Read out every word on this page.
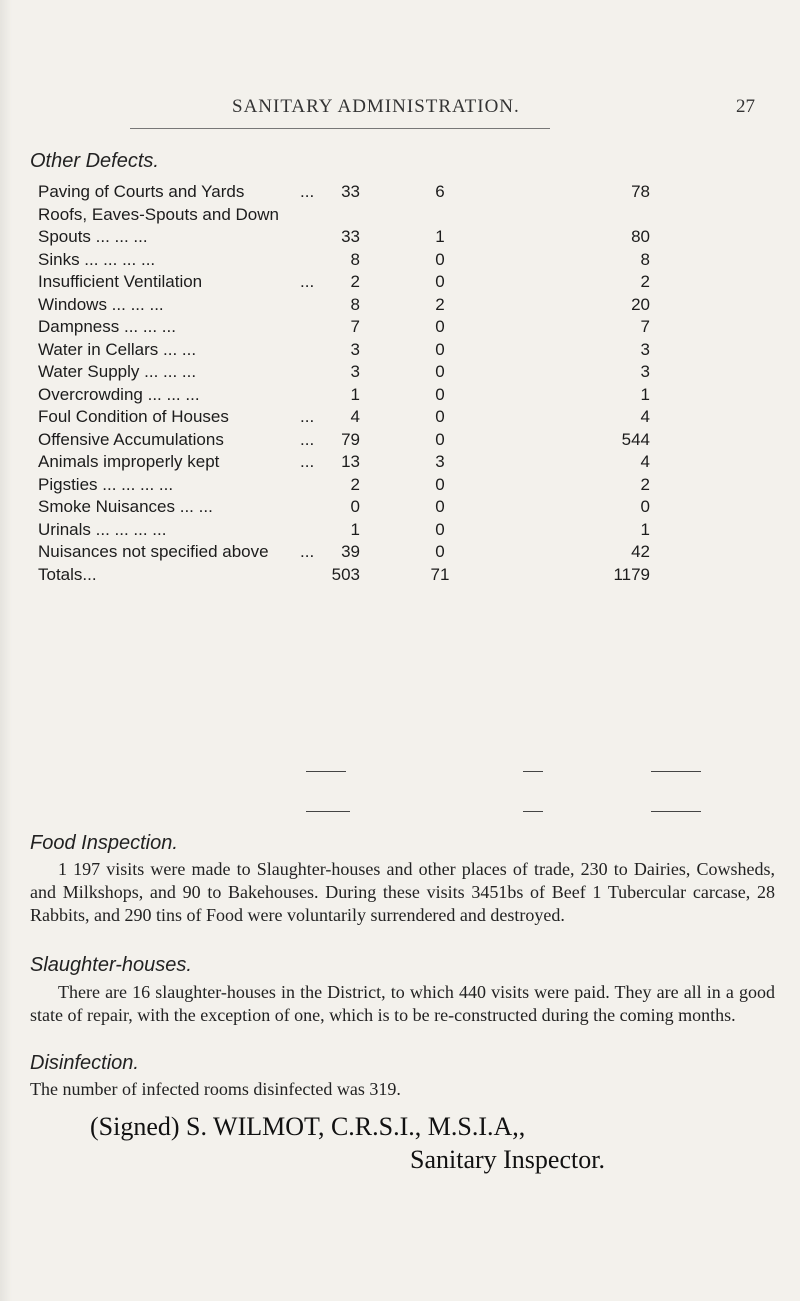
SANITARY ADMINISTRATION.	27
Other Defects.
Paving of Courts and Yards	...	33	6	78
Roofs, Eaves-Spouts and Down				
Spouts ... ... ...		33	1	80
Sinks ... ... ... ...		8	0	8
Insufficient Ventilation	...	2	0	2
Windows ... ... ...		8	2	20
Dampness ... ... ...		7	0	7
Water in Cellars ... ...		3	0	3
Water Supply ... ... ...		3	0	3
Overcrowding ... ... ...		1	0	1
Foul Condition of Houses	...	4	0	4
Offensive Accumulations	...	79	0	544
Animals improperly kept	...	13	3	4
Pigsties ... ... ... ...		2	0	2
Smoke Nuisances ... ...		0	0	0
Urinals ... ... ... ...		1	0	1
Nuisances not specified above	...	39	0	42
Totals...		503	71	1179
Food Inspection.
1 197 visits were made to Slaughter-houses and other places of trade, 230 to Dairies, Cowsheds, and Milkshops, and 90 to Bakehouses. During these visits 3451bs of Beef 1 Tubercular carcase, 28 Rabbits, and 290 tins of Food were voluntarily surrendered and destroyed.
Slaughter-houses.
There are 16 slaughter-houses in the District, to which 440 visits were paid. They are all in a good state of repair, with the exception of one, which is to be re-constructed during the coming months.
Disinfection.
The number of infected rooms disinfected was 319.
(Signed) S. WILMOT, C.R.S.I., M.S.I.A,,
Sanitary Inspector.
